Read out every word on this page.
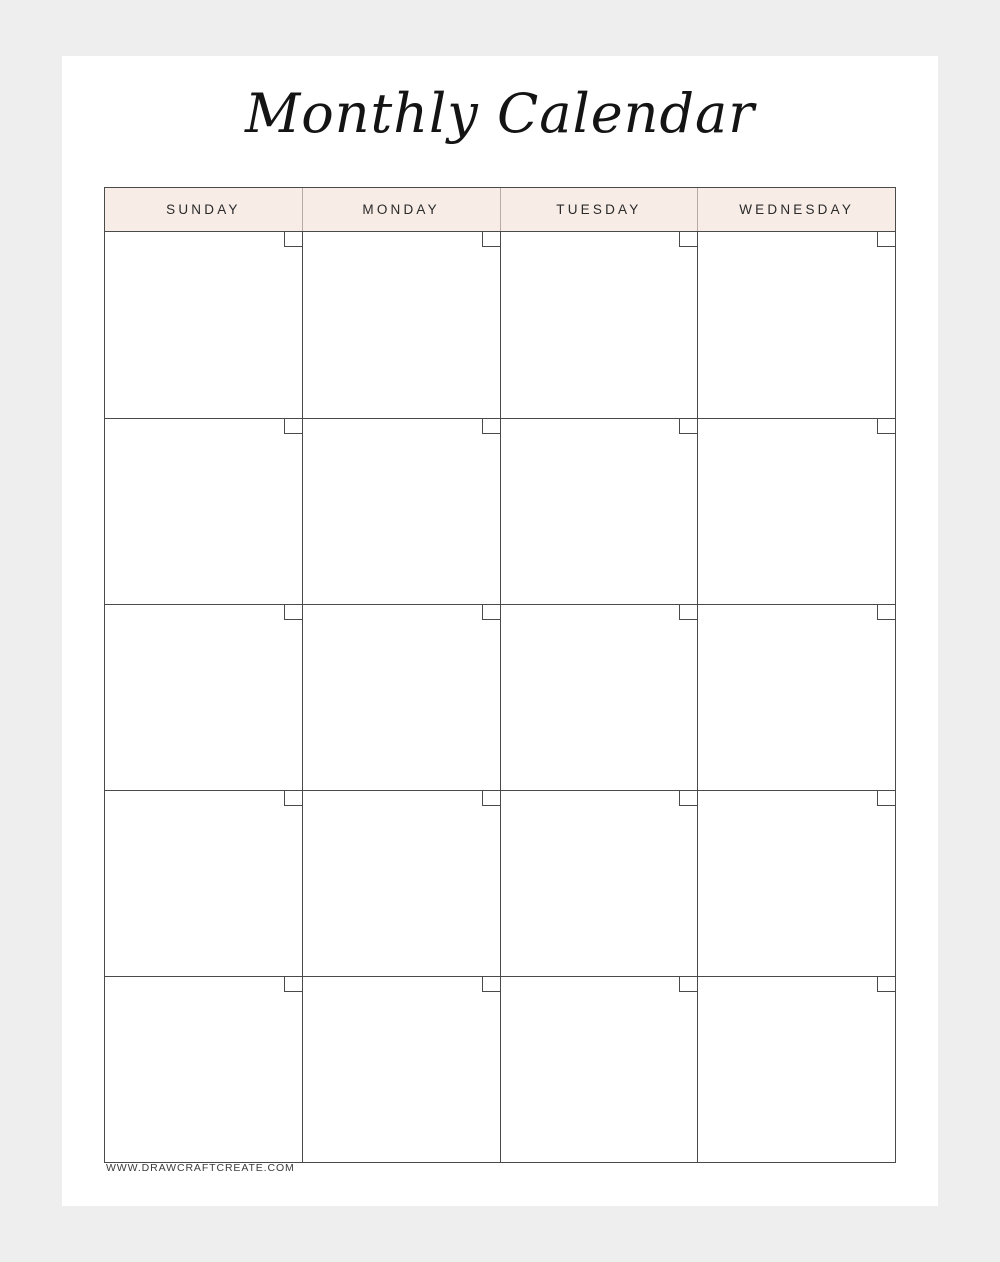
Monthly Calendar
SUNDAY	MONDAY	TUESDAY	WEDNESDAY
WWW.DRAWCRAFTCREATE.COM
